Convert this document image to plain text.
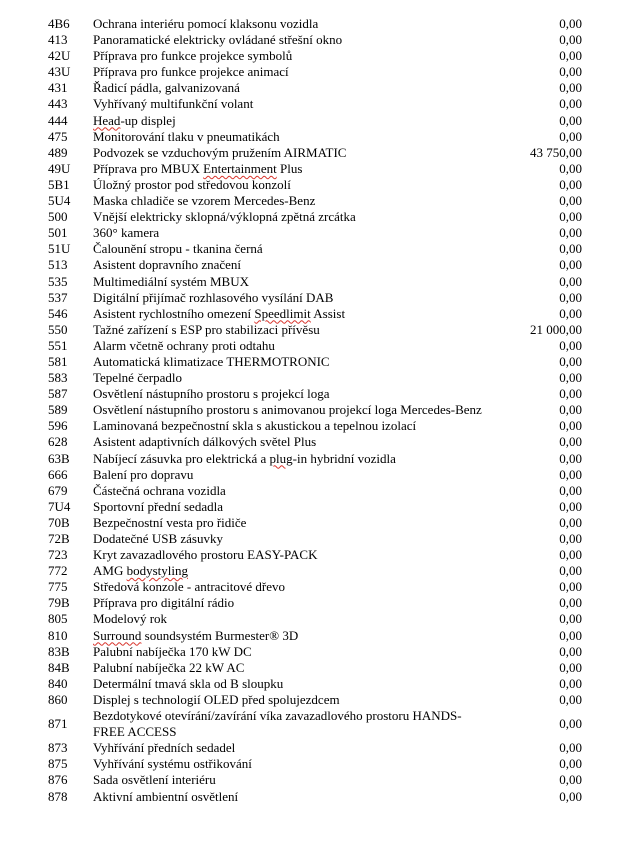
4B6	Ochrana interiéru pomocí klaksonu vozidla	0,00
413	Panoramatické elektricky ovládané střešní okno	0,00
42U	Příprava pro funkce projekce symbolů	0,00
43U	Příprava pro funkce projekce animací	0,00
431	Řadicí pádla, galvanizovaná	0,00
443	Vyhřívaný multifunkční volant	0,00
444	Head-up displej	0,00
475	Monitorování tlaku v pneumatikách	0,00
489	Podvozek se vzduchovým pružením AIRMATIC	43 750,00
49U	Příprava pro MBUX Entertainment Plus	0,00
5B1	Úložný prostor pod středovou konzolí	0,00
5U4	Maska chladiče se vzorem Mercedes-Benz	0,00
500	Vnější elektricky sklopná/výklopná zpětná zrcátka	0,00
501	360° kamera	0,00
51U	Čalounění stropu - tkanina černá	0,00
513	Asistent dopravního značení	0,00
535	Multimediální systém MBUX	0,00
537	Digitální přijímač rozhlasového vysílání DAB	0,00
546	Asistent rychlostního omezení Speedlimit Assist	0,00
550	Tažné zařízení s ESP pro stabilizaci přívěsu	21 000,00
551	Alarm včetně ochrany proti odtahu	0,00
581	Automatická klimatizace THERMOTRONIC	0,00
583	Tepelné čerpadlo	0,00
587	Osvětlení nástupního prostoru s projekcí loga	0,00
589	Osvětlení nástupního prostoru s animovanou projekcí loga Mercedes-Benz	0,00
596	Laminovaná bezpečnostní skla s akustickou a tepelnou izolací	0,00
628	Asistent adaptivních dálkových světel Plus	0,00
63B	Nabíjecí zásuvka pro elektrická a plug-in hybridní vozidla	0,00
666	Balení pro dopravu	0,00
679	Částečná ochrana vozidla	0,00
7U4	Sportovní přední sedadla	0,00
70B	Bezpečnostní vesta pro řidiče	0,00
72B	Dodatečné USB zásuvky	0,00
723	Kryt zavazadlového prostoru EASY-PACK	0,00
772	AMG bodystyling	0,00
775	Středová konzole - antracitové dřevo	0,00
79B	Příprava pro digitální rádio	0,00
805	Modelový rok	0,00
810	Surround soundsystém Burmester® 3D	0,00
83B	Palubní nabíječka 170 kW DC	0,00
84B	Palubní nabíječka 22 kW AC	0,00
840	Determální tmavá skla od B sloupku	0,00
860	Displej s technologií OLED před spolujezdcem	0,00
871	Bezdotykové otevírání/zavírání víka zavazadlového prostoru HANDS-FREE ACCESS	0,00
873	Vyhřívání předních sedadel	0,00
875	Vyhřívání systému ostřikování	0,00
876	Sada osvětlení interiéru	0,00
878	Aktivní ambientní osvětlení	0,00
